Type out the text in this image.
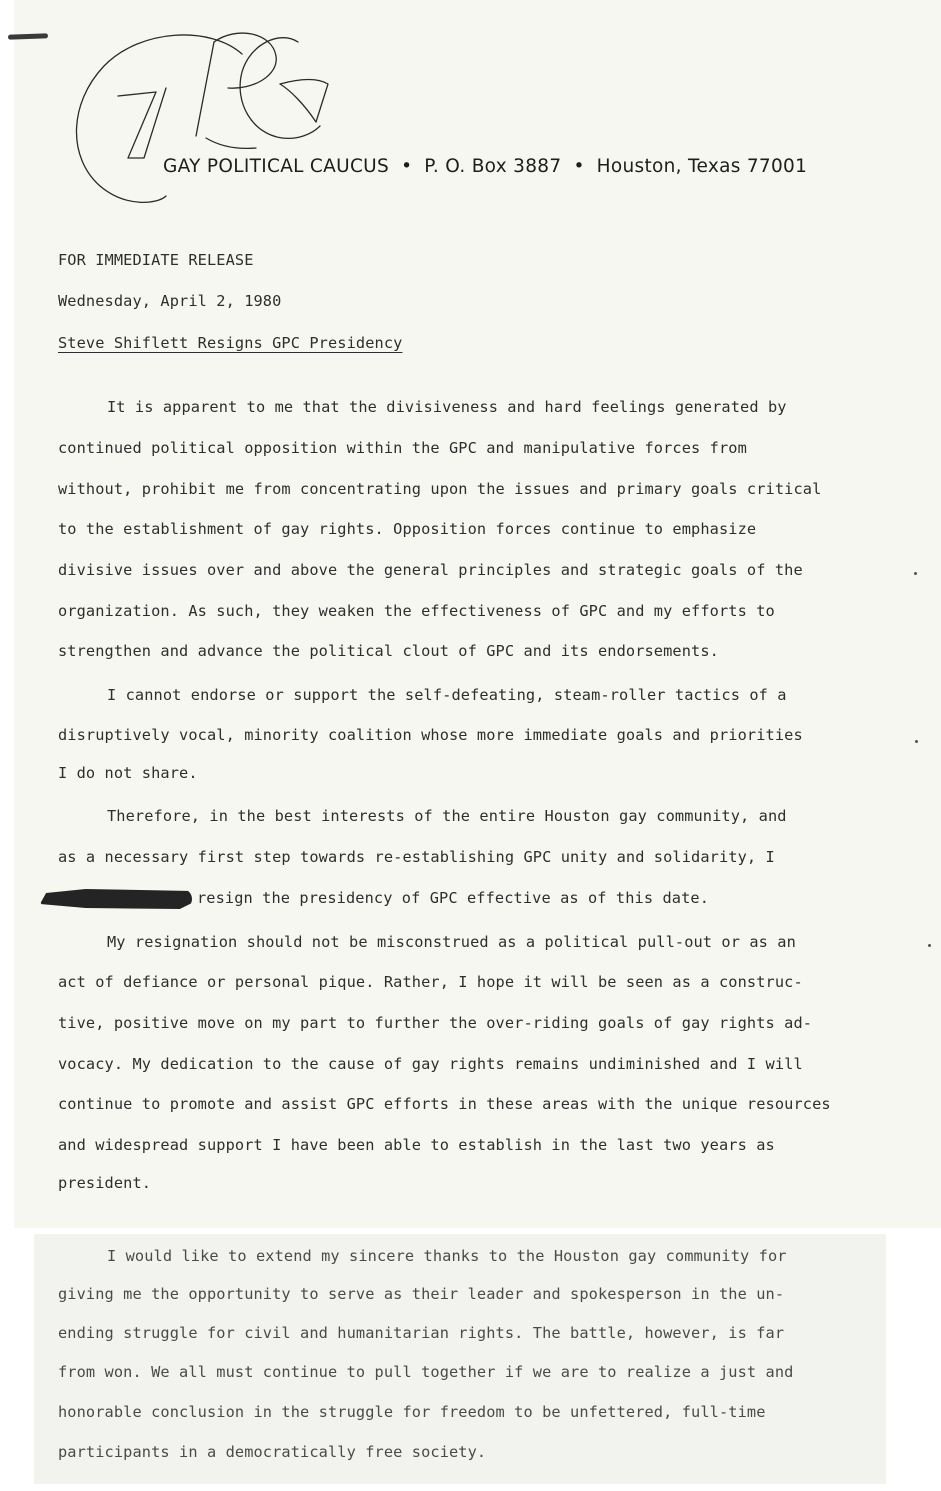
GAY POLITICAL CAUCUS • P. O. Box 3887 • Houston, Texas 77001

FOR IMMEDIATE RELEASE

Wednesday, April 2, 1980

Steve Shiflett Resigns GPC Presidency

It is apparent to me that the divisiveness and hard feelings generated by

continued political opposition within the GPC and manipulative forces from

without, prohibit me from concentrating upon the issues and primary goals critical

to the establishment of gay rights. Opposition forces continue to emphasize

divisive issues over and above the general principles and strategic goals of the

organization. As such, they weaken the effectiveness of GPC and my efforts to

strengthen and advance the political clout of GPC and its endorsements.

I cannot endorse or support the self-defeating, steam-roller tactics of a

disruptively vocal, minority coalition whose more immediate goals and priorities

I do not share.

Therefore, in the best interests of the entire Houston gay community, and

as a necessary first step towards re-establishing GPC unity and solidarity, I

resign the presidency of GPC effective as of this date.

My resignation should not be misconstrued as a political pull-out or as an

act of defiance or personal pique. Rather, I hope it will be seen as a construc-

tive, positive move on my part to further the over-riding goals of gay rights ad-

vocacy. My dedication to the cause of gay rights remains undiminished and I will

continue to promote and assist GPC efforts in these areas with the unique resources

and widespread support I have been able to establish in the last two years as

president.

I would like to extend my sincere thanks to the Houston gay community for

giving me the opportunity to serve as their leader and spokesperson in the un-

ending struggle for civil and humanitarian rights. The battle, however, is far

from won. We all must continue to pull together if we are to realize a just and

honorable conclusion in the struggle for freedom to be unfettered, full-time

participants in a democratically free society.
